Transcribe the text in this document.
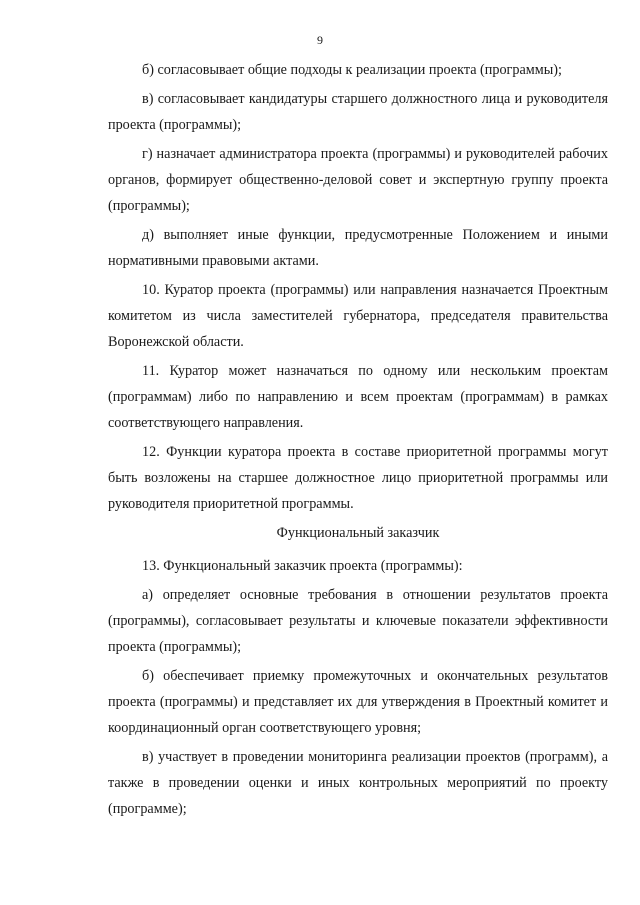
9

б) согласовывает общие подходы к реализации проекта (программы);

в) согласовывает кандидатуры старшего должностного лица и руководителя проекта (программы);

г) назначает администратора проекта (программы) и руководителей рабочих органов, формирует общественно-деловой совет и экспертную группу проекта (программы);

д) выполняет иные функции, предусмотренные Положением и иными нормативными правовыми актами.

10. Куратор проекта (программы) или направления назначается Проектным комитетом из числа заместителей губернатора, председателя правительства Воронежской области.

11. Куратор может назначаться по одному или нескольким проектам (программам) либо по направлению и всем проектам (программам) в рамках соответствующего направления.

12. Функции куратора проекта в составе приоритетной программы могут быть возложены на старшее должностное лицо приоритетной программы или руководителя приоритетной программы.

Функциональный заказчик

13. Функциональный заказчик проекта (программы):

а) определяет основные требования в отношении результатов проекта (программы), согласовывает результаты и ключевые показатели эффективности проекта (программы);

б) обеспечивает приемку промежуточных и окончательных результатов проекта (программы) и представляет их для утверждения в Проектный комитет и координационный орган соответствующего уровня;

в) участвует в проведении мониторинга реализации проектов (программ), а также в проведении оценки и иных контрольных мероприятий по проекту (программе);
